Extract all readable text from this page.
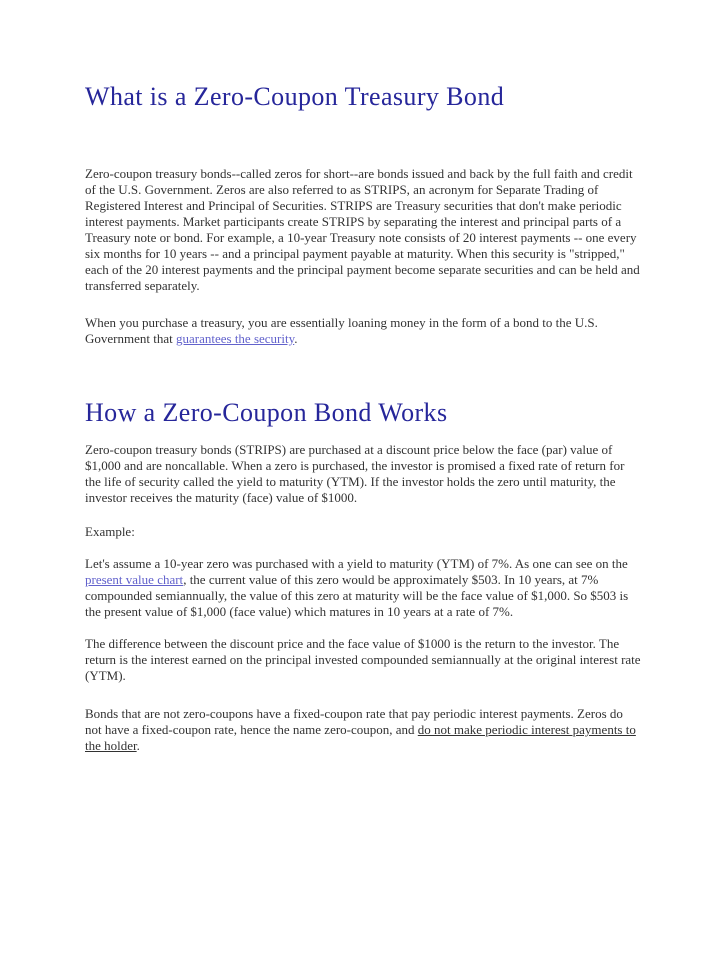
What is a Zero-Coupon Treasury Bond

Zero-coupon treasury bonds--called zeros for short--are bonds issued and back by the full faith and credit of the U.S. Government. Zeros are also referred to as STRIPS, an acronym for Separate Trading of Registered Interest and Principal of Securities. STRIPS are Treasury securities that don't make periodic interest payments. Market participants create STRIPS by separating the interest and principal parts of a Treasury note or bond. For example, a 10-year Treasury note consists of 20 interest payments -- one every six months for 10 years -- and a principal payment payable at maturity. When this security is "stripped," each of the 20 interest payments and the principal payment become separate securities and can be held and transferred separately.

When you purchase a treasury, you are essentially loaning money in the form of a bond to the U.S. Government that guarantees the security.

How a Zero-Coupon Bond Works

Zero-coupon treasury bonds (STRIPS) are purchased at a discount price below the face (par) value of $1,000 and are noncallable. When a zero is purchased, the investor is promised a fixed rate of return for the life of security called the yield to maturity (YTM). If the investor holds the zero until maturity, the investor receives the maturity (face) value of $1000.

Example:

Let's assume a 10-year zero was purchased with a yield to maturity (YTM) of 7%. As one can see on the present value chart, the current value of this zero would be approximately $503. In 10 years, at 7% compounded semiannually, the value of this zero at maturity will be the face value of $1,000. So $503 is the present value of $1,000 (face value) which matures in 10 years at a rate of 7%.

The difference between the discount price and the face value of $1000 is the return to the investor. The return is the interest earned on the principal invested compounded semiannually at the original interest rate (YTM).

Bonds that are not zero-coupons have a fixed-coupon rate that pay periodic interest payments. Zeros do not have a fixed-coupon rate, hence the name zero-coupon, and do not make periodic interest payments to the holder.
